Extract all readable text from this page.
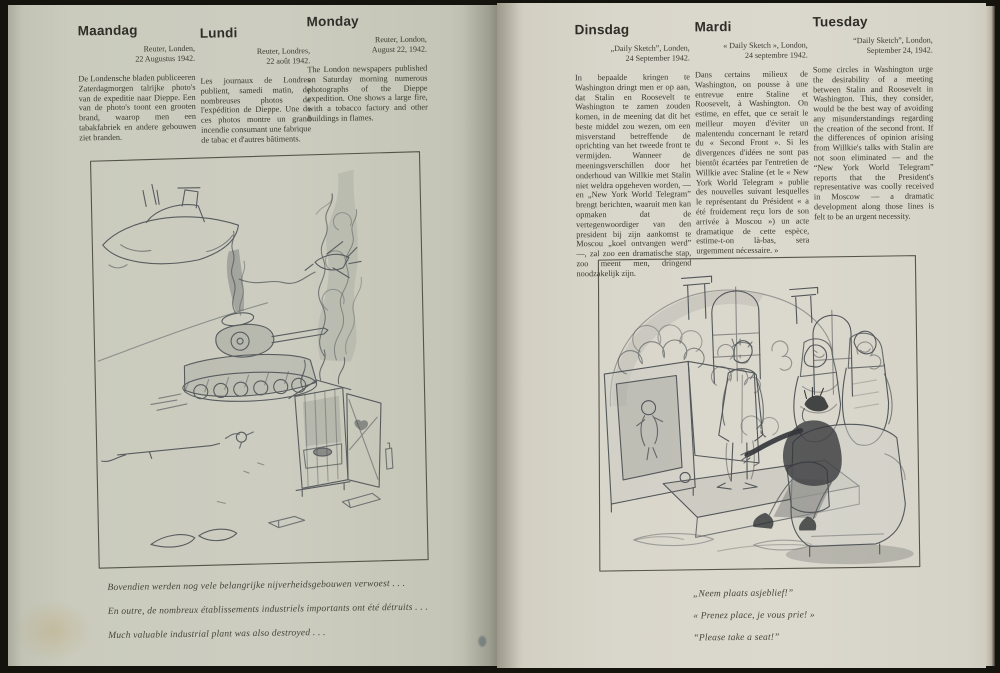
Maandag
Reuter, Londen,
22 Augustus 1942.
De Londensche bladen publiceeren Zaterdagmorgen talrijke photo's van de expeditie naar Dieppe. Een van de photo's toont een grooten brand, waarop men een tabakfabriek en andere gebouwen ziet branden.
Lundi
Reuter, Londres,
22 août 1942.
Les journaux de Londres publient, samedi matin, de nombreuses photos de l'expédition de Dieppe. Une de ces photos montre un grand incendie consumant une fabrique de tabac et d'autres bâtiments.
Monday
Reuter, London,
August 22, 1942.
The London newspapers published on Saturday morning numerous photographs of the Dieppe expedition. One shows a large fire, with a tobacco factory and other buildings in flames.
Bovendien werden nog vele belangrijke nijverheidsgebouwen verwoest . . .
En outre, de nombreux établissements industriels importants ont été détruits . . .
Much valuable industrial plant was also destroyed . . .
Dinsdag
„Daily Sketch”, Londen,
24 September 1942.
In bepaalde kringen te Washington dringt men er op aan, dat Stalin en Roosevelt te Washington te zamen zouden komen, in de meening dat dit het beste middel zou wezen, om een misverstand betreffende de oprichting van het tweede front te vermijden. Wanneer de meeningsverschillen door het onderhoud van Willkie met Stalin niet weldra opgeheven worden, — en „New York World Telegram” brengt berichten, waaruit men kan opmaken dat de vertegenwoordiger van den president bij zijn aankomst te Moscou „koel ontvangen werd” —, zal zoo een dramatische stap, zoo meent men, dringend noodzakelijk zijn.
Mardi
« Daily Sketch », London,
24 septembre 1942.
Dans certains milieux de Washington, on pousse à une entrevue entre Staline et Roosevelt, à Washington. On estime, en effet, que ce serait le meilleur moyen d'éviter un malentendu concernant le retard du « Second Front ». Si les divergences d'idées ne sont pas bientôt écartées par l'entretien de Willkie avec Staline (et le « New York World Telegram » publie des nouvelles suivant lesquelles le représentant du Président « a été froidement reçu lors de son arrivée à Moscou ») un acte dramatique de cette espèce, estime-t-on là-bas, sera urgemment nécessaire. »
Tuesday
“Daily Sketch”, London,
September 24, 1942.
Some circles in Washington urge the desirability of a meeting between Stalin and Roosevelt in Washington. This, they consider, would be the best way of avoiding any misunderstandings regarding the creation of the second front. If the differences of opinion arising from Willkie's talks with Stalin are not soon eliminated — and the “New York World Telegram” reports that the President's representative was coolly received in Moscow — a dramatic development along those lines is felt to be an urgent necessity.
„Neem plaats asjeblief!”
« Prenez place, je vous prie! »
“Please take a seat!”
